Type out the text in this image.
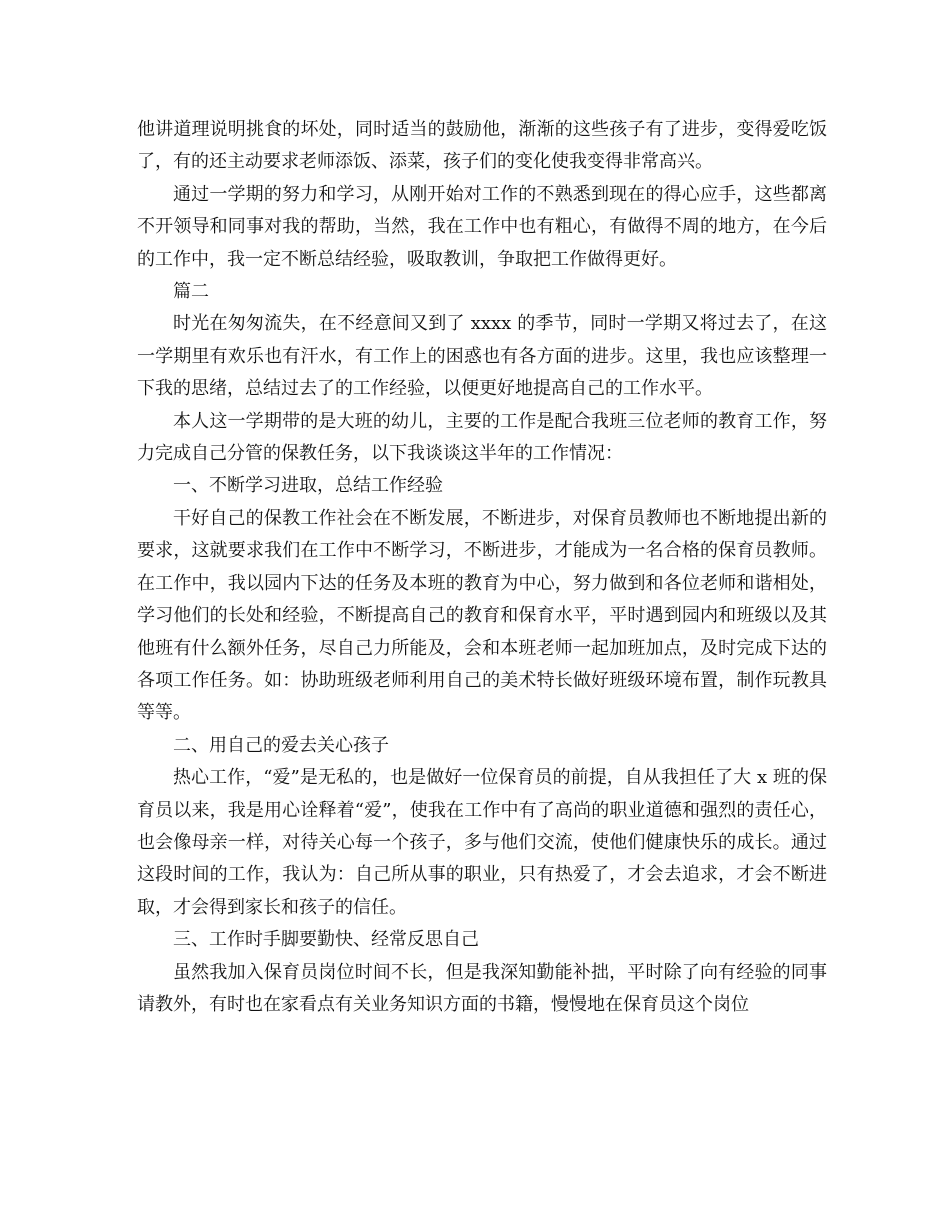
他讲道理说明挑食的坏处，同时适当的鼓励他，渐渐的这些孩子有了进步，变得爱吃饭了，有的还主动要求老师添饭、添菜，孩子们的变化使我变得非常高兴。

通过一学期的努力和学习，从刚开始对工作的不熟悉到现在的得心应手，这些都离不开领导和同事对我的帮助，当然，我在工作中也有粗心，有做得不周的地方，在今后的工作中，我一定不断总结经验，吸取教训，争取把工作做得更好。

篇二

时光在匆匆流失，在不经意间又到了 xxxx 的季节，同时一学期又将过去了，在这一学期里有欢乐也有汗水，有工作上的困惑也有各方面的进步。这里，我也应该整理一下我的思绪，总结过去了的工作经验，以便更好地提高自己的工作水平。

本人这一学期带的是大班的幼儿，主要的工作是配合我班三位老师的教育工作，努力完成自己分管的保教任务，以下我谈谈这半年的工作情况：

一、不断学习进取，总结工作经验

干好自己的保教工作社会在不断发展，不断进步，对保育员教师也不断地提出新的要求，这就要求我们在工作中不断学习，不断进步，才能成为一名合格的保育员教师。在工作中，我以园内下达的任务及本班的教育为中心，努力做到和各位老师和谐相处，学习他们的长处和经验，不断提高自己的教育和保育水平，平时遇到园内和班级以及其他班有什么额外任务，尽自己力所能及，会和本班老师一起加班加点，及时完成下达的各项工作任务。如：协助班级老师利用自己的美术特长做好班级环境布置，制作玩教具等等。

二、用自己的爱去关心孩子

热心工作，“爱”是无私的，也是做好一位保育员的前提，自从我担任了大 x 班的保育员以来，我是用心诠释着“爱”，使我在工作中有了高尚的职业道德和强烈的责任心，也会像母亲一样，对待关心每一个孩子，多与他们交流，使他们健康快乐的成长。通过这段时间的工作，我认为：自己所从事的职业，只有热爱了，才会去追求，才会不断进取，才会得到家长和孩子的信任。

三、工作时手脚要勤快、经常反思自己

虽然我加入保育员岗位时间不长，但是我深知勤能补拙，平时除了向有经验的同事请教外，有时也在家看点有关业务知识方面的书籍，慢慢地在保育员这个岗位
